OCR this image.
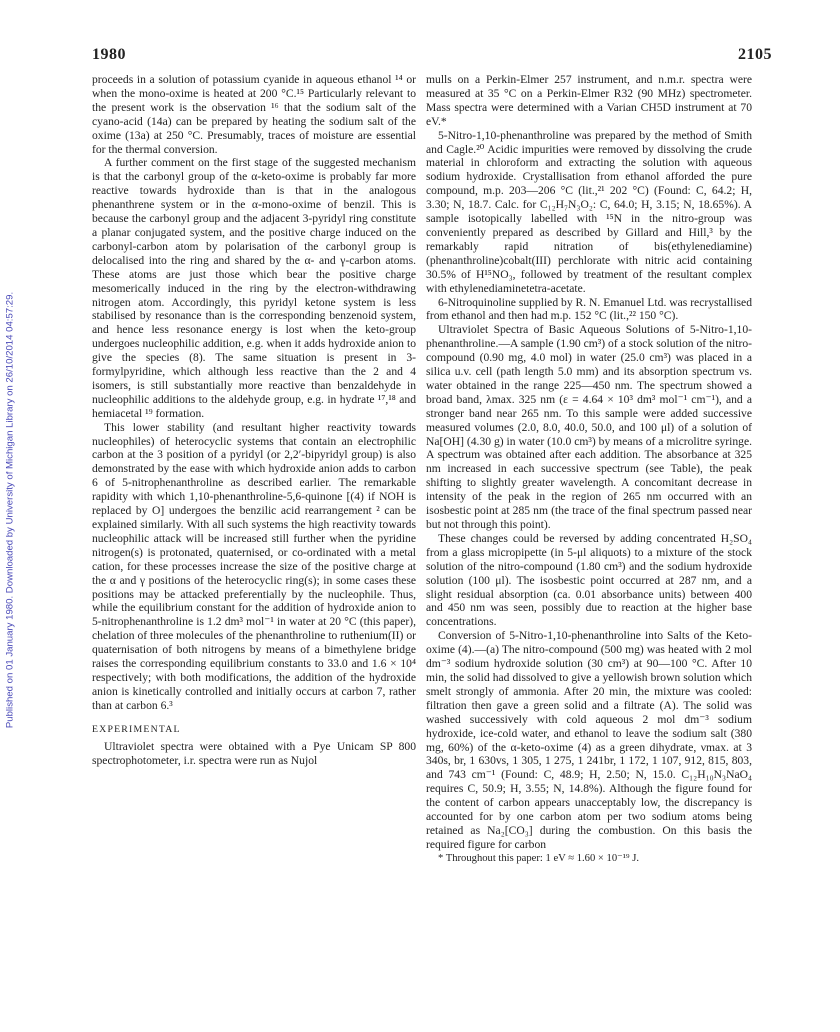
1980	2105
Published on 01 January 1980. Downloaded by University of Michigan Library on 26/10/2014 04:57:29.

proceeds in a solution of potassium cyanide in aqueous ethanol ¹⁴ or when the mono-oxime is heated at 200 °C.¹⁵ Particularly relevant to the present work is the observation ¹⁶ that the sodium salt of the cyano-acid (14a) can be prepared by heating the sodium salt of the oxime (13a) at 250 °C. Presumably, traces of moisture are essential for the thermal conversion.

A further comment on the first stage of the suggested mechanism is that the carbonyl group of the α-keto-oxime is probably far more reactive towards hydroxide than is that in the analogous phenanthrene system or in the α-mono-oxime of benzil. This is because the carbonyl group and the adjacent 3-pyridyl ring constitute a planar conjugated system, and the positive charge induced on the carbonyl-carbon atom by polarisation of the carbonyl group is delocalised into the ring and shared by the α- and γ-carbon atoms. These atoms are just those which bear the positive charge mesomerically induced in the ring by the electron-withdrawing nitrogen atom. Accordingly, this pyridyl ketone system is less stabilised by resonance than is the corresponding benzenoid system, and hence less resonance energy is lost when the keto-group undergoes nucleophilic addition, e.g. when it adds hydroxide anion to give the species (8). The same situation is present in 3-formylpyridine, which although less reactive than the 2 and 4 isomers, is still substantially more reactive than benzaldehyde in nucleophilic additions to the aldehyde group, e.g. in hydrate ¹⁷,¹⁸ and hemiacetal ¹⁹ formation.

This lower stability (and resultant higher reactivity towards nucleophiles) of heterocyclic systems that contain an electrophilic carbon at the 3 position of a pyridyl (or 2,2′-bipyridyl group) is also demonstrated by the ease with which hydroxide anion adds to carbon 6 of 5-nitrophenanthroline as described earlier. The remarkable rapidity with which 1,10-phenanthroline-5,6-quinone [(4) if NOH is replaced by O] undergoes the benzilic acid rearrangement ² can be explained similarly. With all such systems the high reactivity towards nucleophilic attack will be increased still further when the pyridine nitrogen(s) is protonated, quaternised, or co-ordinated with a metal cation, for these processes increase the size of the positive charge at the α and γ positions of the heterocyclic ring(s); in some cases these positions may be attacked preferentially by the nucleophile. Thus, while the equilibrium constant for the addition of hydroxide anion to 5-nitrophenanthroline is 1.2 dm³ mol⁻¹ in water at 20 °C (this paper), chelation of three molecules of the phenanthroline to ruthenium(II) or quaternisation of both nitrogens by means of a bimethylene bridge raises the corresponding equilibrium constants to 33.0 and 1.6 × 10⁴ respectively; with both modifications, the addition of the hydroxide anion is kinetically controlled and initially occurs at carbon 7, rather than at carbon 6.³

EXPERIMENTAL

Ultraviolet spectra were obtained with a Pye Unicam SP 800 spectrophotometer, i.r. spectra were run as Nujol

mulls on a Perkin-Elmer 257 instrument, and n.m.r. spectra were measured at 35 °C on a Perkin-Elmer R32 (90 MHz) spectrometer. Mass spectra were determined with a Varian CH5D instrument at 70 eV.*

5-Nitro-1,10-phenanthroline was prepared by the method of Smith and Cagle.²⁰ Acidic impurities were removed by dissolving the crude material in chloroform and extracting the solution with aqueous sodium hydroxide. Crystallisation from ethanol afforded the pure compound, m.p. 203—206 °C (lit.,²¹ 202 °C) (Found: C, 64.2; H, 3.30; N, 18.7. Calc. for C₁₂H₇N₃O₂: C, 64.0; H, 3.15; N, 18.65%). A sample isotopically labelled with ¹⁵N in the nitro-group was conveniently prepared as described by Gillard and Hill,³ by the remarkably rapid nitration of bis(ethylenediamine)(phenanthroline)cobalt(III) perchlorate with nitric acid containing 30.5% of H¹⁵NO₃, followed by treatment of the resultant complex with ethylenediaminetetra-acetate.

6-Nitroquinoline supplied by R. N. Emanuel Ltd. was recrystallised from ethanol and then had m.p. 152 °C (lit.,²² 150 °C).

Ultraviolet Spectra of Basic Aqueous Solutions of 5-Nitro-1,10-phenanthroline.—A sample (1.90 cm³) of a stock solution of the nitro-compound (0.90 mg, 4.0 mol) in water (25.0 cm³) was placed in a silica u.v. cell (path length 5.0 mm) and its absorption spectrum vs. water obtained in the range 225—450 nm. The spectrum showed a broad band, λmax. 325 nm (ε = 4.64 × 10³ dm³ mol⁻¹ cm⁻¹), and a stronger band near 265 nm. To this sample were added successive measured volumes (2.0, 8.0, 40.0, 50.0, and 100 μl) of a solution of Na[OH] (4.30 g) in water (10.0 cm³) by means of a microlitre syringe. A spectrum was obtained after each addition. The absorbance at 325 nm increased in each successive spectrum (see Table), the peak shifting to slightly greater wavelength. A concomitant decrease in intensity of the peak in the region of 265 nm occurred with an isosbestic point at 285 nm (the trace of the final spectrum passed near but not through this point).

These changes could be reversed by adding concentrated H₂SO₄ from a glass micropipette (in 5-μl aliquots) to a mixture of the stock solution of the nitro-compound (1.80 cm³) and the sodium hydroxide solution (100 μl). The isosbestic point occurred at 287 nm, and a slight residual absorption (ca. 0.01 absorbance units) between 400 and 450 nm was seen, possibly due to reaction at the higher base concentrations.

Conversion of 5-Nitro-1,10-phenanthroline into Salts of the Keto-oxime (4).—(a) The nitro-compound (500 mg) was heated with 2 mol dm⁻³ sodium hydroxide solution (30 cm³) at 90—100 °C. After 10 min, the solid had dissolved to give a yellowish brown solution which smelt strongly of ammonia. After 20 min, the mixture was cooled: filtration then gave a green solid and a filtrate (A). The solid was washed successively with cold aqueous 2 mol dm⁻³ sodium hydroxide, ice-cold water, and ethanol to leave the sodium salt (380 mg, 60%) of the α-keto-oxime (4) as a green dihydrate, νmax. at 3 340s, br, 1 630vs, 1 305, 1 275, 1 241br, 1 172, 1 107, 912, 815, 803, and 743 cm⁻¹ (Found: C, 48.9; H, 2.50; N, 15.0. C₁₂H₁₀N₃NaO₄ requires C, 50.9; H, 3.55; N, 14.8%). Although the figure found for the content of carbon appears unacceptably low, the discrepancy is accounted for by one carbon atom per two sodium atoms being retained as Na₂[CO₃] during the combustion. On this basis the required figure for carbon

* Throughout this paper: 1 eV ≈ 1.60 × 10⁻¹⁹ J.
